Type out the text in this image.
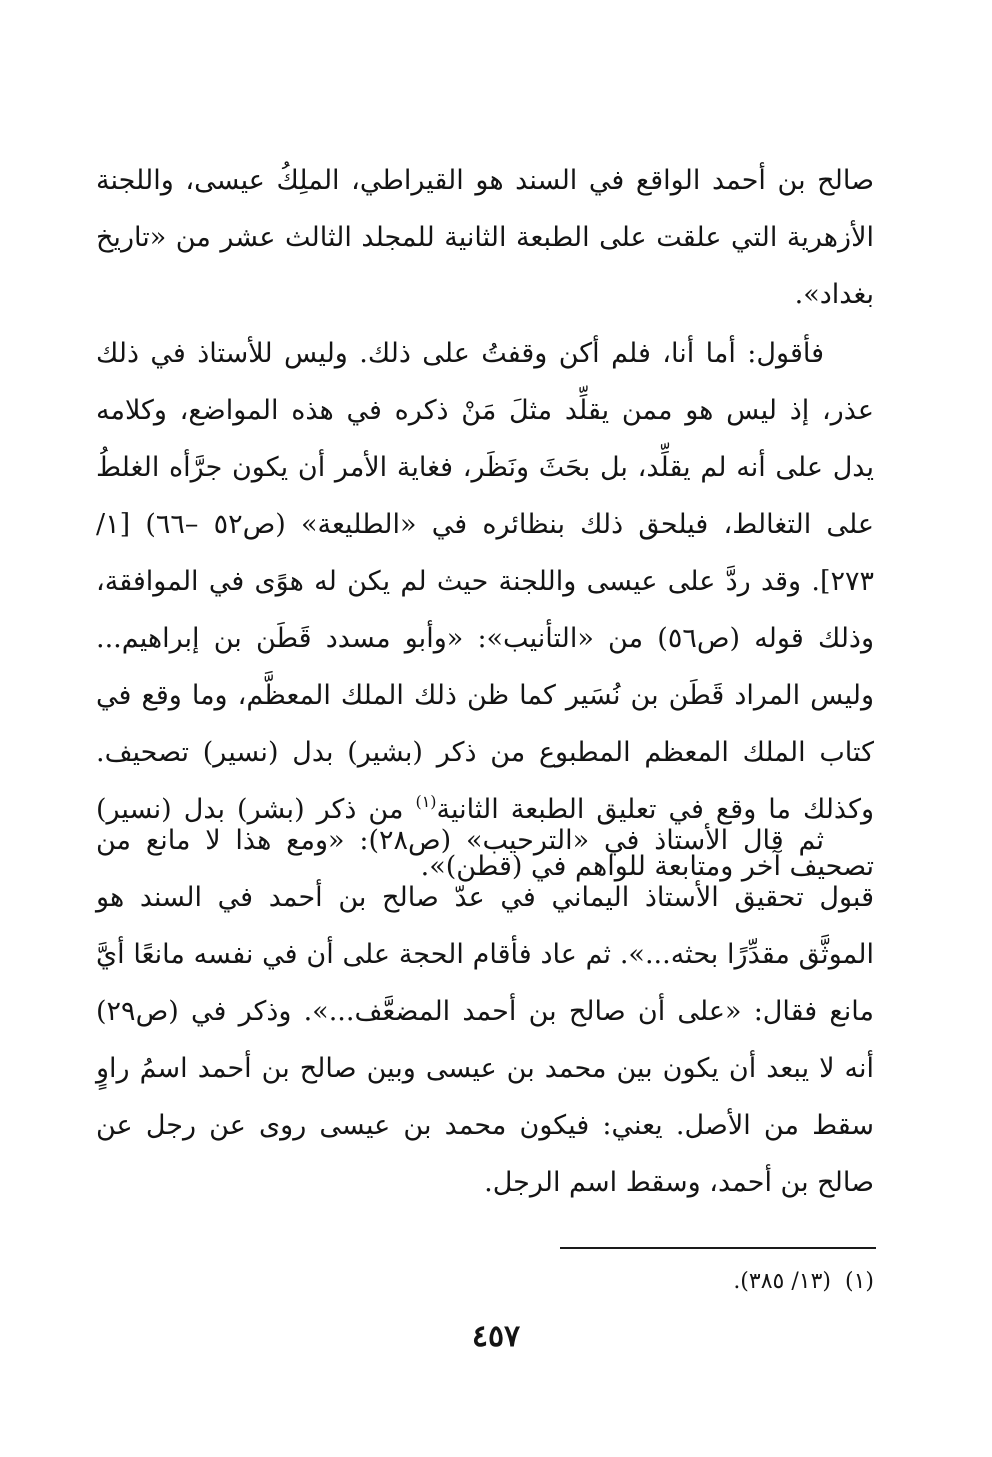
صالح بن أحمد الواقع في السند هو القيراطي، الملِكُ عيسى، واللجنة الأزهرية التي علقت على الطبعة الثانية للمجلد الثالث عشر من «تاريخ بغداد».

فأقول: أما أنا، فلم أكن وقفتُ على ذلك. وليس للأستاذ في ذلك عذر، إذ ليس هو ممن يقلِّد مثلَ مَنْ ذكره في هذه المواضع، وكلامه يدل على أنه لم يقلِّد، بل بحَثَ ونَظَر، فغاية الأمر أن يكون جرَّأه الغلطُ على التغالط، فيلحق ذلك بنظائره في «الطليعة» (ص٥٢ –٦٦) [١/ ٢٧٣]. وقد ردَّ على عيسى واللجنة حيث لم يكن له هوًى في الموافقة، وذلك قوله (ص٥٦) من «التأنيب»: «وأبو مسدد قَطَن بن إبراهيم... وليس المراد قَطَن بن نُسَير كما ظن ذلك الملك المعظَّم، وما وقع في كتاب الملك المعظم المطبوع من ذكر (بشير) بدل (نسير) تصحيف. وكذلك ما وقع في تعليق الطبعة الثانية$^{(١)}$ من ذكر (بشر) بدل (نسير) تصحيف آخر ومتابعة للواهم في (قطن)».

ثم قال الأستاذ في «الترحيب» (ص٢٨): «ومع هذا لا مانع من قبول تحقيق الأستاذ اليماني في عدّ صالح بن أحمد في السند هو الموثَّق مقدِّرًا بحثه...». ثم عاد فأقام الحجة على أن في نفسه مانعًا أيَّ مانع فقال: «على أن صالح بن أحمد المضعَّف...». وذكر في (ص٢٩) أنه لا يبعد أن يكون بين محمد بن عيسى وبين صالح بن أحمد اسمُ راوٍ سقط من الأصل. يعني: فيكون محمد بن عيسى روى عن رجل عن صالح بن أحمد، وسقط اسم الرجل.

(١)(١٣/ ٣٨٥).
٤٥٧
